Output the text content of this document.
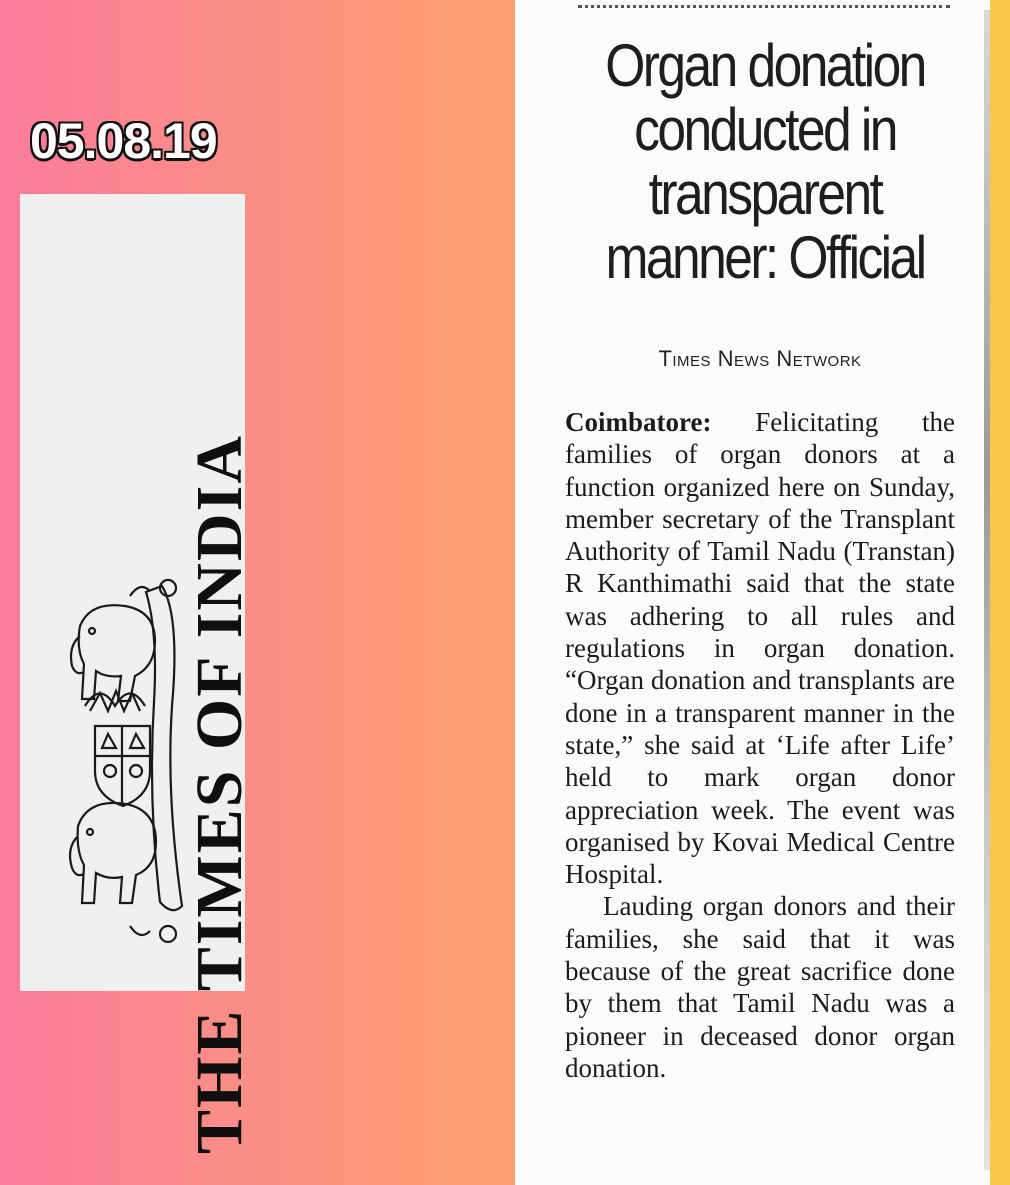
05.08.19
THE TIMES OF INDIA
Organ donation conducted in transparent manner: Official
Times News Network

Coimbatore: Felicitating the families of organ donors at a function organized here on Sunday, member secretary of the Transplant Authority of Tamil Nadu (Transtan) R Kanthimathi said that the state was adhering to all rules and regulations in organ donation. “Organ donation and transplants are done in a transparent manner in the state,” she said at ‘Life after Life’ held to mark organ donor appreciation week. The event was organised by Kovai Medical Centre Hospital.

Lauding organ donors and their families, she said that it was because of the great sacrifice done by them that Tamil Nadu was a pioneer in deceased donor organ donation.
